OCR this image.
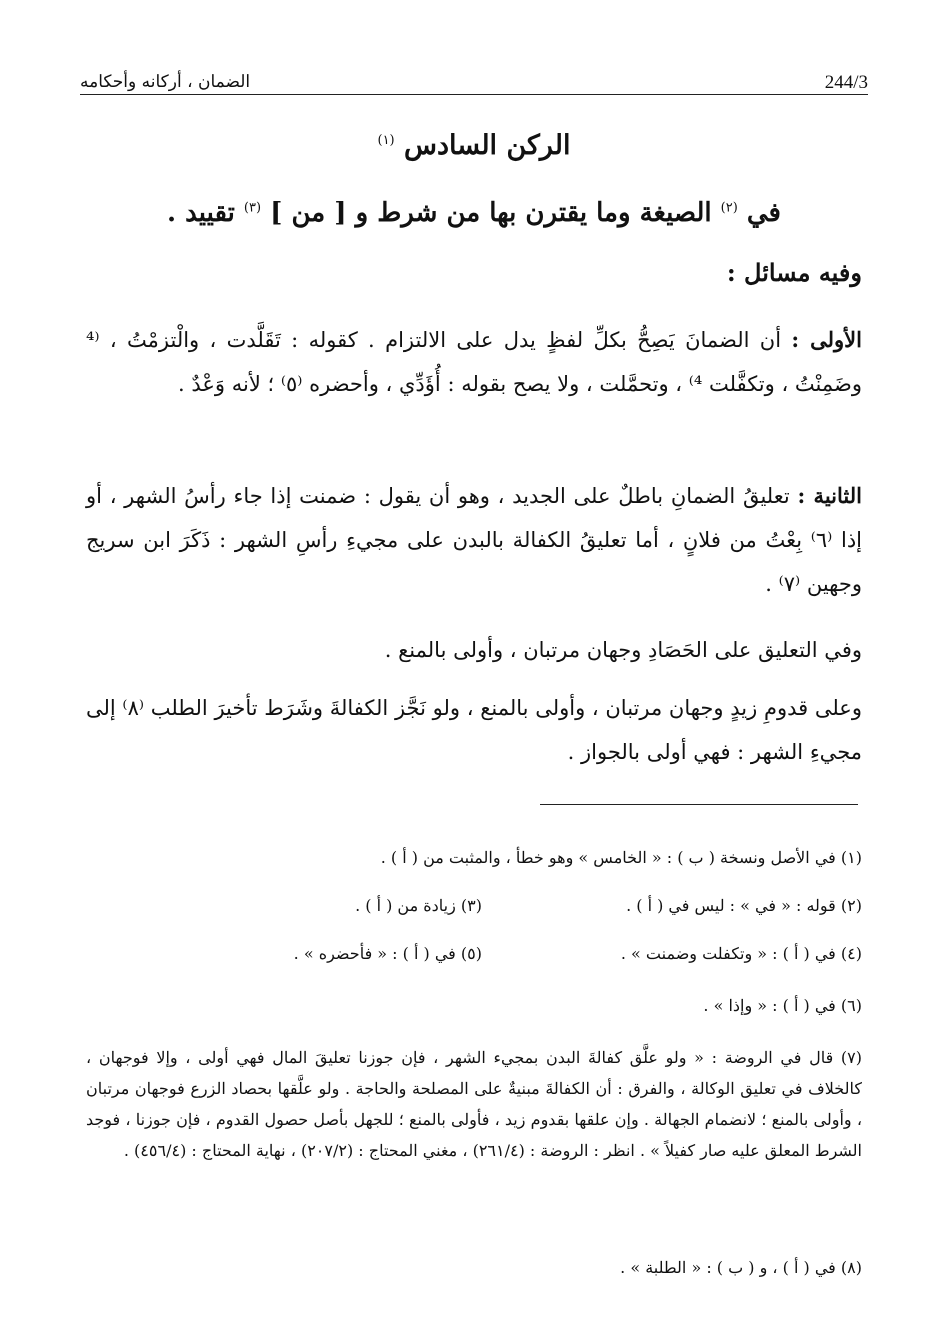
244/3
الضمان ، أركانه وأحكامه
الركن السادس $^{(١)}$
في $^{(٢)}$ الصيغة وما يقترن بها من شرط و [ من ] $^{(٣)}$ تقييد .
وفيه مسائل :
الأولى : أن الضمانَ يَصِحُّ بكلِّ لفظٍ يدل على الالتزام . كقوله : تَقَلَّدت ، والْتزمْتُ ، ⁽⁴ وضَمِنْتُ ، وتكفَّلت ⁴⁾ ، وتحمَّلت ، ولا يصح بقوله : أُؤَدِّي ، وأحضره ⁽٥⁾ ؛ لأنه وَعْدٌ .
الثانية : تعليقُ الضمانِ باطلٌ على الجديد ، وهو أن يقول : ضمنت إذا جاء رأسُ الشهر ، أو إذا ⁽٦⁾ بِعْتُ من فلانٍ ، أما تعليقُ الكفالة بالبدن على مجيءِ رأسِ الشهر : ذَكَرَ ابن سريج وجهين ⁽٧⁾ .
وفي التعليق على الحَصَادِ وجهان مرتبان ، وأولى بالمنع .
وعلى قدومِ زيدٍ وجهان مرتبان ، وأولى بالمنع ، ولو نَجَّز الكفالةَ وشَرَط تأخيرَ الطلب ⁽٨⁾ إلى مجيءِ الشهر : فهي أولى بالجواز .
(١) في الأصل ونسخة ( ب ) : « الخامس » وهو خطأ ، والمثبت من ( أ ) .
(٢) قوله : « في » : ليس في ( أ ) .
(٣) زيادة من ( أ ) .
(٤) في ( أ ) : « وتكفلت وضمنت » .
(٥) في ( أ ) : « فأحضره » .
(٦) في ( أ ) : « وإذا » .
(٧) قال في الروضة : « ولو علَّق كفالةَ البدن بمجيء الشهر ، فإن جوزنا تعليقَ المال فهي أولى ، وإلا فوجهان ، كالخلاف في تعليق الوكالة ، والفرق : أن الكفالةَ مبنيةٌ على المصلحة والحاجة . ولو علَّقها بحصاد الزرع فوجهان مرتبان ، وأولى بالمنع ؛ لانضمام الجهالة . وإن علقها بقدوم زيد ، فأولى بالمنع ؛ للجهل بأصل حصول القدوم ، فإن جوزنا ، فوجد الشرط المعلق عليه صار كفيلاً » . انظر : الروضة : (٢٦١/٤) ، مغني المحتاج : (٢٠٧/٢) ، نهاية المحتاج : (٤٥٦/٤) .
(٨) في ( أ ) ، و ( ب ) : « الطلبة » .
